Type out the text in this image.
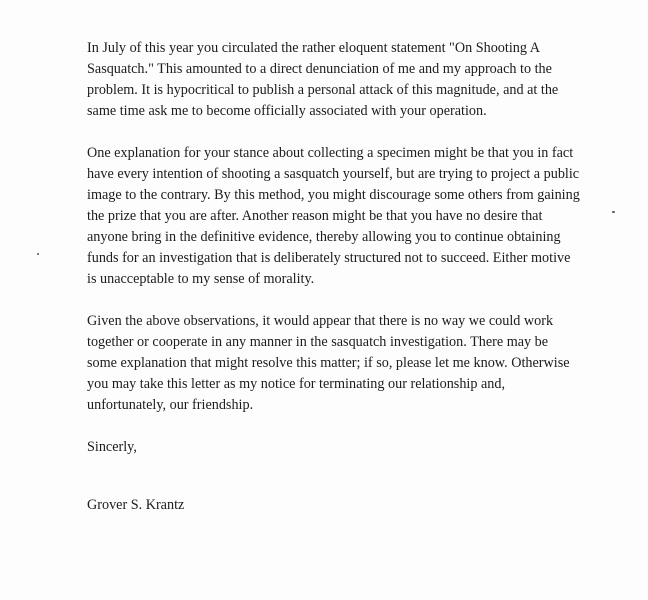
In July of this year you circulated the rather eloquent statement "On Shooting A
Sasquatch." This amounted to a direct denunciation of me and my approach to the
problem. It is hypocritical to publish a personal attack of this magnitude, and at the
same time ask me to become officially associated with your operation.

One explanation for your stance about collecting a specimen might be that you in fact
have every intention of shooting a sasquatch yourself, but are trying to project a public
image to the contrary. By this method, you might discourage some others from gaining
the prize that you are after. Another reason might be that you have no desire that
anyone bring in the definitive evidence, thereby allowing you to continue obtaining
funds for an investigation that is deliberately structured not to succeed. Either motive
is unacceptable to my sense of morality.

Given the above observations, it would appear that there is no way we could work
together or cooperate in any manner in the sasquatch investigation. There may be
some explanation that might resolve this matter; if so, please let me know. Otherwise
you may take this letter as my notice for terminating our relationship and,
unfortunately, our friendship.

Sincerly,

Grover S. Krantz
